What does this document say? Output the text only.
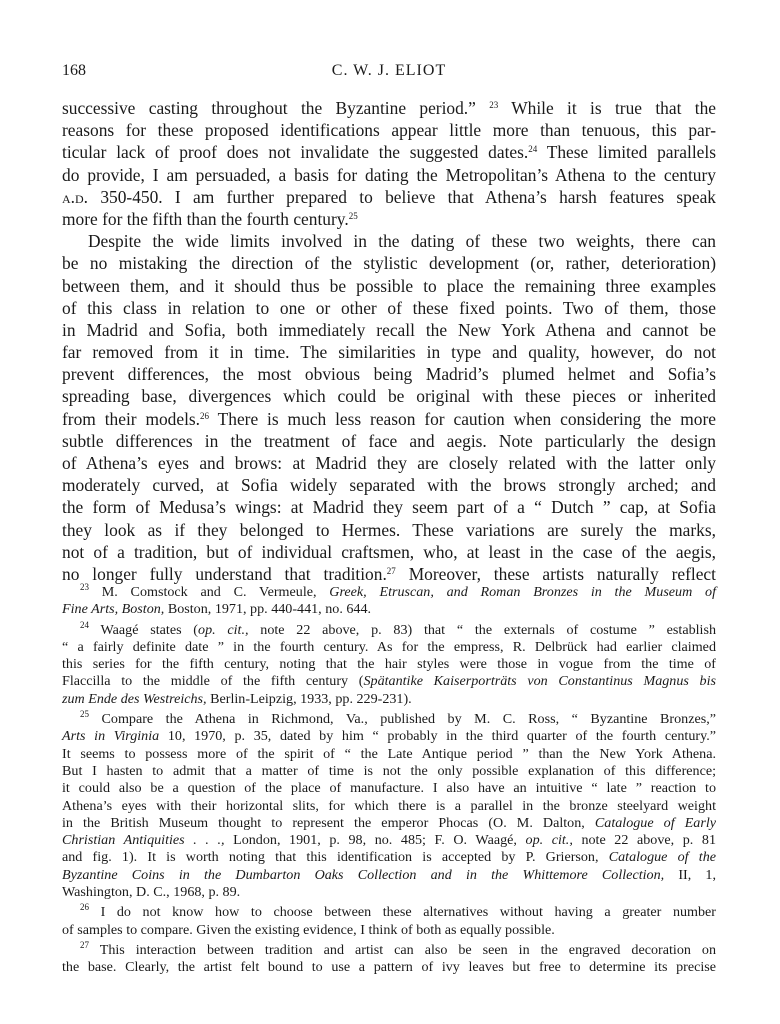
168	C. W. J. ELIOT
successive casting throughout the Byzantine period.” $^{23}$ While it is true that the
reasons for these proposed identifications appear little more than tenuous, this par-
ticular lack of proof does not invalidate the suggested dates.$^{24}$ These limited parallels
do provide, I am persuaded, a basis for dating the Metropolitan’s Athena to the century
a.d. 350-450. I am further prepared to believe that Athena’s harsh features speak
more for the fifth than the fourth century.$^{25}$
Despite the wide limits involved in the dating of these two weights, there can
be no mistaking the direction of the stylistic development (or, rather, deterioration)
between them, and it should thus be possible to place the remaining three examples
of this class in relation to one or other of these fixed points. Two of them, those
in Madrid and Sofia, both immediately recall the New York Athena and cannot be
far removed from it in time. The similarities in type and quality, however, do not
prevent differences, the most obvious being Madrid’s plumed helmet and Sofia’s
spreading base, divergences which could be original with these pieces or inherited
from their models.$^{26}$ There is much less reason for caution when considering the more
subtle differences in the treatment of face and aegis. Note particularly the design
of Athena’s eyes and brows: at Madrid they are closely related with the latter only
moderately curved, at Sofia widely separated with the brows strongly arched; and
the form of Medusa’s wings: at Madrid they seem part of a “ Dutch ” cap, at Sofia
they look as if they belonged to Hermes. These variations are surely the marks,
not of a tradition, but of individual craftsmen, who, at least in the case of the aegis,
no longer fully understand that tradition.$^{27}$ Moreover, these artists naturally reflect
$^{23}$ M. Comstock and C. Vermeule, Greek, Etruscan, and Roman Bronzes in the Museum of
Fine Arts, Boston, Boston, 1971, pp. 440-441, no. 644.
$^{24}$ Waagé states (op. cit., note 22 above, p. 83) that “ the externals of costume ” establish
“ a fairly definite date ” in the fourth century. As for the empress, R. Delbrück had earlier claimed
this series for the fifth century, noting that the hair styles were those in vogue from the time of
Flaccilla to the middle of the fifth century (Spätantike Kaiserporträts von Constantinus Magnus bis
zum Ende des Westreichs, Berlin-Leipzig, 1933, pp. 229-231).
$^{25}$ Compare the Athena in Richmond, Va., published by M. C. Ross, “ Byzantine Bronzes,”
Arts in Virginia 10, 1970, p. 35, dated by him “ probably in the third quarter of the fourth century.”
It seems to possess more of the spirit of “ the Late Antique period ” than the New York Athena.
But I hasten to admit that a matter of time is not the only possible explanation of this difference;
it could also be a question of the place of manufacture. I also have an intuitive “ late ” reaction to
Athena’s eyes with their horizontal slits, for which there is a parallel in the bronze steelyard weight
in the British Museum thought to represent the emperor Phocas (O. M. Dalton, Catalogue of Early
Christian Antiquities . . ., London, 1901, p. 98, no. 485; F. O. Waagé, op. cit., note 22 above, p. 81
and fig. 1). It is worth noting that this identification is accepted by P. Grierson, Catalogue of the
Byzantine Coins in the Dumbarton Oaks Collection and in the Whittemore Collection, II, 1,
Washington, D. C., 1968, p. 89.
$^{26}$ I do not know how to choose between these alternatives without having a greater number
of samples to compare. Given the existing evidence, I think of both as equally possible.
$^{27}$ This interaction between tradition and artist can also be seen in the engraved decoration on
the base. Clearly, the artist felt bound to use a pattern of ivy leaves but free to determine its precise
